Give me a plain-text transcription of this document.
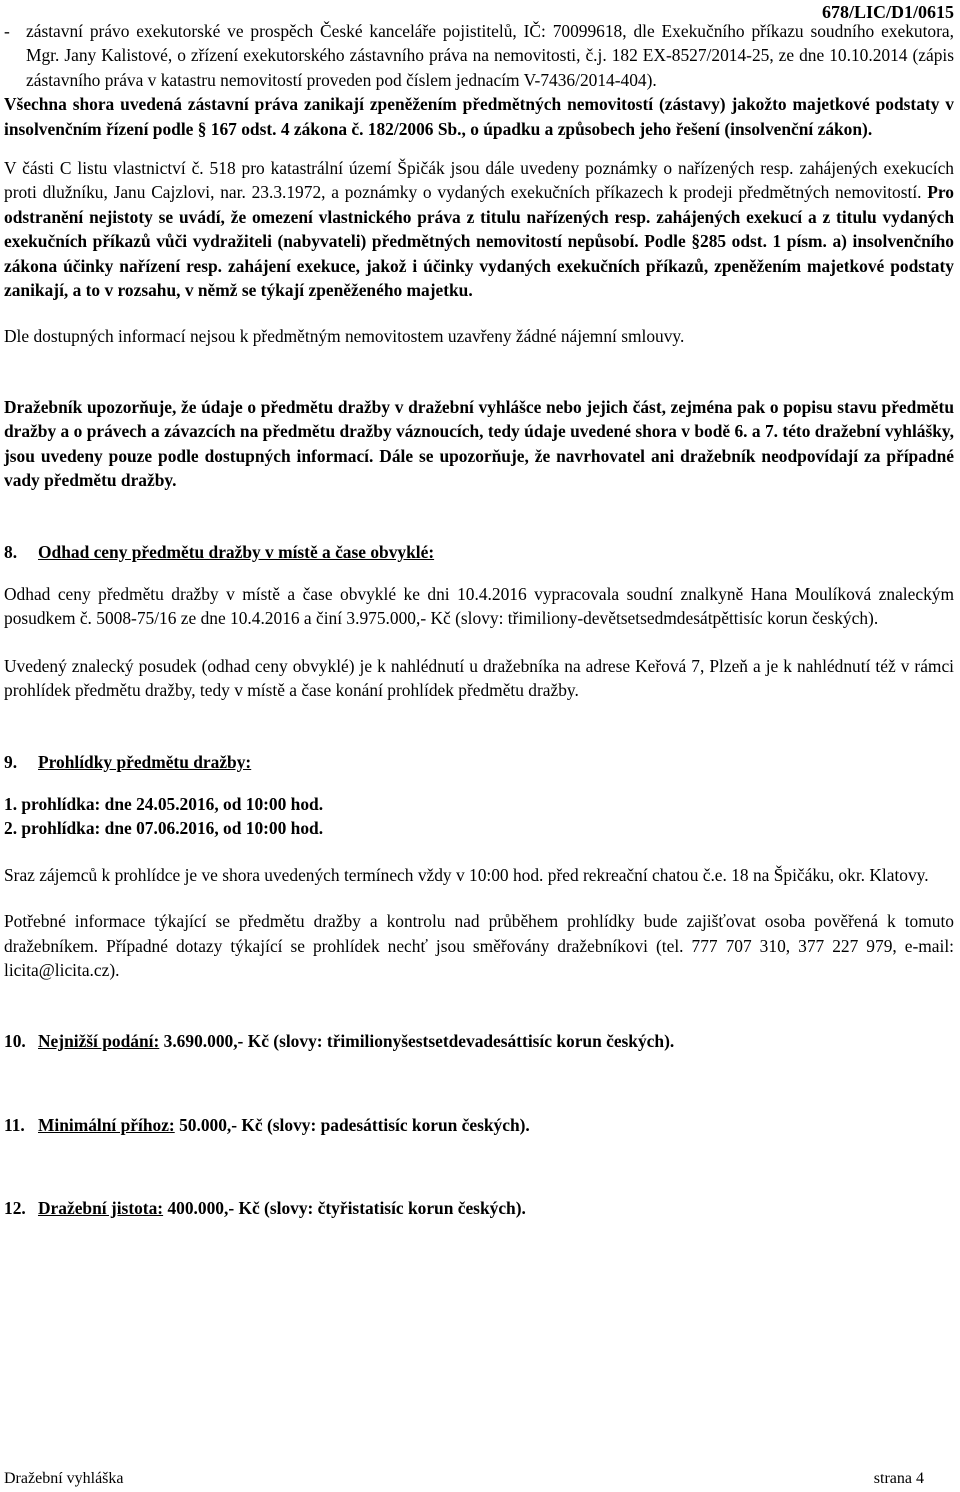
678/LIC/D1/0615
- zástavní právo exekutorské ve prospěch České kanceláře pojistitelů, IČ: 70099618, dle Exekučního příkazu soudního exekutora, Mgr. Jany Kalistové, o zřízení exekutorského zástavního práva na nemovitosti, č.j. 182 EX-8527/2014-25, ze dne 10.10.2014 (zápis zástavního práva v katastru nemovitostí proveden pod číslem jednacím V-7436/2014-404).

Všechna shora uvedená zástavní práva zanikají zpeněžením předmětných nemovitostí (zástavy) jakožto majetkové podstaty v insolvenčním řízení podle § 167 odst. 4 zákona č. 182/2006 Sb., o úpadku a způsobech jeho řešení (insolvenční zákon).

V části C listu vlastnictví č. 518 pro katastrální území Špičák jsou dále uvedeny poznámky o nařízených resp. zahájených exekucích proti dlužníku, Janu Cajzlovi, nar. 23.3.1972, a poznámky o vydaných exekučních příkazech k prodeji předmětných nemovitostí. Pro odstranění nejistoty se uvádí, že omezení vlastnického práva z titulu nařízených resp. zahájených exekucí a z titulu vydaných exekučních příkazů vůči vydražiteli (nabyvateli) předmětných nemovitostí nepůsobí. Podle §285 odst. 1 písm. a) insolvenčního zákona účinky nařízení resp. zahájení exekuce, jakož i účinky vydaných exekučních příkazů, zpeněžením majetkové podstaty zanikají, a to v rozsahu, v němž se týkají zpeněženého majetku.

Dle dostupných informací nejsou k předmětným nemovitostem uzavřeny žádné nájemní smlouvy.

Dražebník upozorňuje, že údaje o předmětu dražby v dražební vyhlášce nebo jejich část, zejména pak o popisu stavu předmětu dražby a o právech a závazcích na předmětu dražby váznoucích, tedy údaje uvedené shora v bodě 6. a 7. této dražební vyhlášky, jsou uvedeny pouze podle dostupných informací. Dále se upozorňuje, že navrhovatel ani dražebník neodpovídají za případné vady předmětu dražby.

8.	Odhad ceny předmětu dražby v místě a čase obvyklé:

Odhad ceny předmětu dražby v místě a čase obvyklé ke dni 10.4.2016 vypracovala soudní znalkyně Hana Moulíková znaleckým posudkem č. 5008-75/16 ze dne 10.4.2016 a činí 3.975.000,- Kč (slovy: třimiliony-devětsetsedmdesátpěttisíc korun českých).

Uvedený znalecký posudek (odhad ceny obvyklé) je k nahlédnutí u dražebníka na adrese Keřová 7, Plzeň a je k nahlédnutí též v rámci prohlídek předmětu dražby, tedy v místě a čase konání prohlídek předmětu dražby.

9.	Prohlídky předmětu dražby:

1. prohlídka: dne 24.05.2016, od 10:00 hod.

2. prohlídka: dne 07.06.2016, od 10:00 hod.

Sraz zájemců k prohlídce je ve shora uvedených termínech vždy v 10:00 hod. před rekreační chatou č.e. 18 na Špičáku, okr. Klatovy.

Potřebné informace týkající se předmětu dražby a kontrolu nad průběhem prohlídky bude zajišťovat osoba pověřená k tomuto dražebníkem. Případné dotazy týkající se prohlídek nechť jsou směřovány dražebníkovi (tel. 777 707 310, 377 227 979, e-mail: licita@licita.cz).

10. Nejnižší podání: 3.690.000,- Kč (slovy: třimilionyšestsetdevadesáttisíc korun českých).
11. Minimální příhoz: 50.000,- Kč (slovy: padesáttisíc korun českých).
12. Dražební jistota: 400.000,- Kč (slovy: čtyřistatisíc korun českých).
Dražební vyhláška	strana 4
